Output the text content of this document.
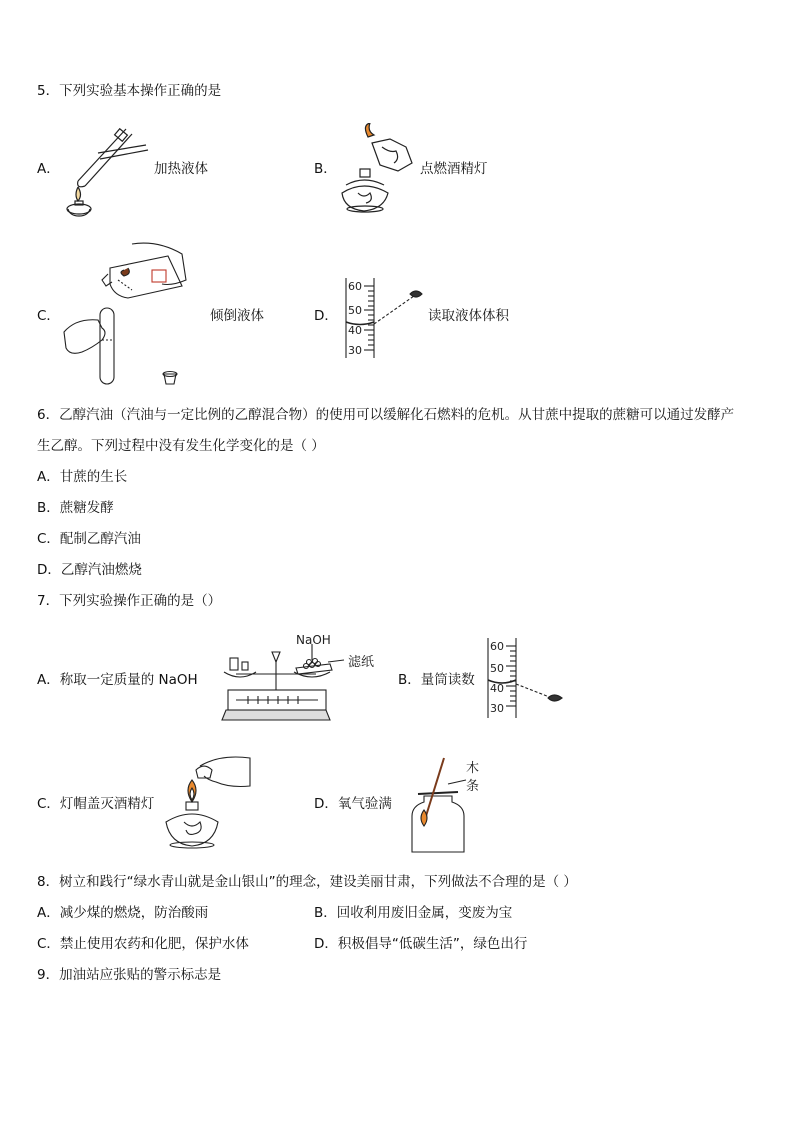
5．下列实验基本操作正确的是
A．	加热液体	B．	点燃酒精灯
C．	倾倒液体	D．
60
50
40
30
读取液体体积
6．乙醇汽油（汽油与一定比例的乙醇混合物）的使用可以缓解化石燃料的危机。从甘蔗中提取的蔗糖可以通过发酵产
生乙醇。下列过程中没有发生化学变化的是（ ）
A．甘蔗的生长
B．蔗糖发酵
C．配制乙醇汽油
D．乙醇汽油燃烧
7．下列实验操作正确的是（）
A．称取一定质量的 NaOH
NaOH
滤纸
B．量筒读数
60
50
40
30
C．灯帽盖灭酒精灯	D．氧气验满
木
条
8．树立和践行“绿水青山就是金山银山”的理念，建设美丽甘肃，下列做法不合理的是（ ）
A．减少煤的燃烧，防治酸雨	B．回收利用废旧金属，变废为宝
C．禁止使用农药和化肥，保护水体	D．积极倡导“低碳生活”，绿色出行
9．加油站应张贴的警示标志是
